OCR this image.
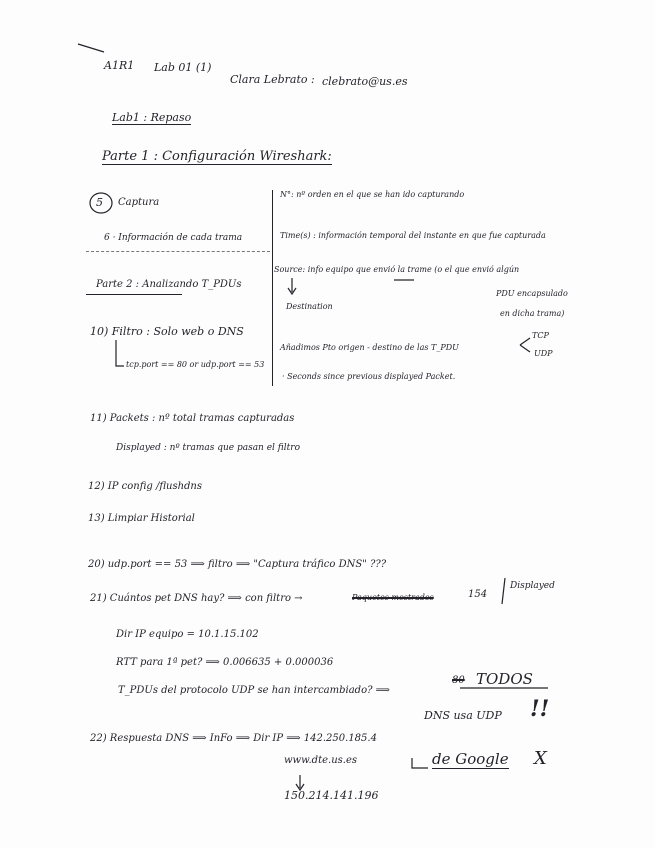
A1R1 Lab 01 (1)
Clara Lebrato : clebrato@us.es
Lab1 : Repaso
Parte 1 : Configuración Wireshark:
5 Captura
6 · Información de cada trama
N°: nº orden en el que se han ido capturando
Time(s) : información temporal del instante en que fue capturada
Source: info equipo que envió la trame (o el que envió algún
PDU encapsulado
en dicha trama)
Destination
Añadimos Pto origen - destino de las T_PDU
TCP
UDP
· Seconds since previous displayed Packet.
Parte 2 : Analizando T_PDUs
10) Filtro : Solo web o DNS
tcp.port == 80 or udp.port == 53
11) Packets : nº total tramas capturadas
Displayed : nº tramas que pasan el filtro
12) IP config /flushdns
13) Limpiar Historial
20) udp.port == 53 ⟹ filtro ⟹ "Captura tráfico DNS" ???
21) Cuántos pet DNS hay? ⟹ con filtro →	Paquetes mostrados	154
Displayed
Dir IP equipo = 10.1.15.102
RTT para 1ª pet? ⟹ 0.006635 + 0.000036
T_PDUs del protocolo UDP se han intercambiado? ⟹
80 TODOS
DNS usa UDP !!
22) Respuesta DNS ⟹ InFo ⟹ Dir IP ⟹ 142.250.185.4
www.dte.us.es	de Google X
150.214.141.196
